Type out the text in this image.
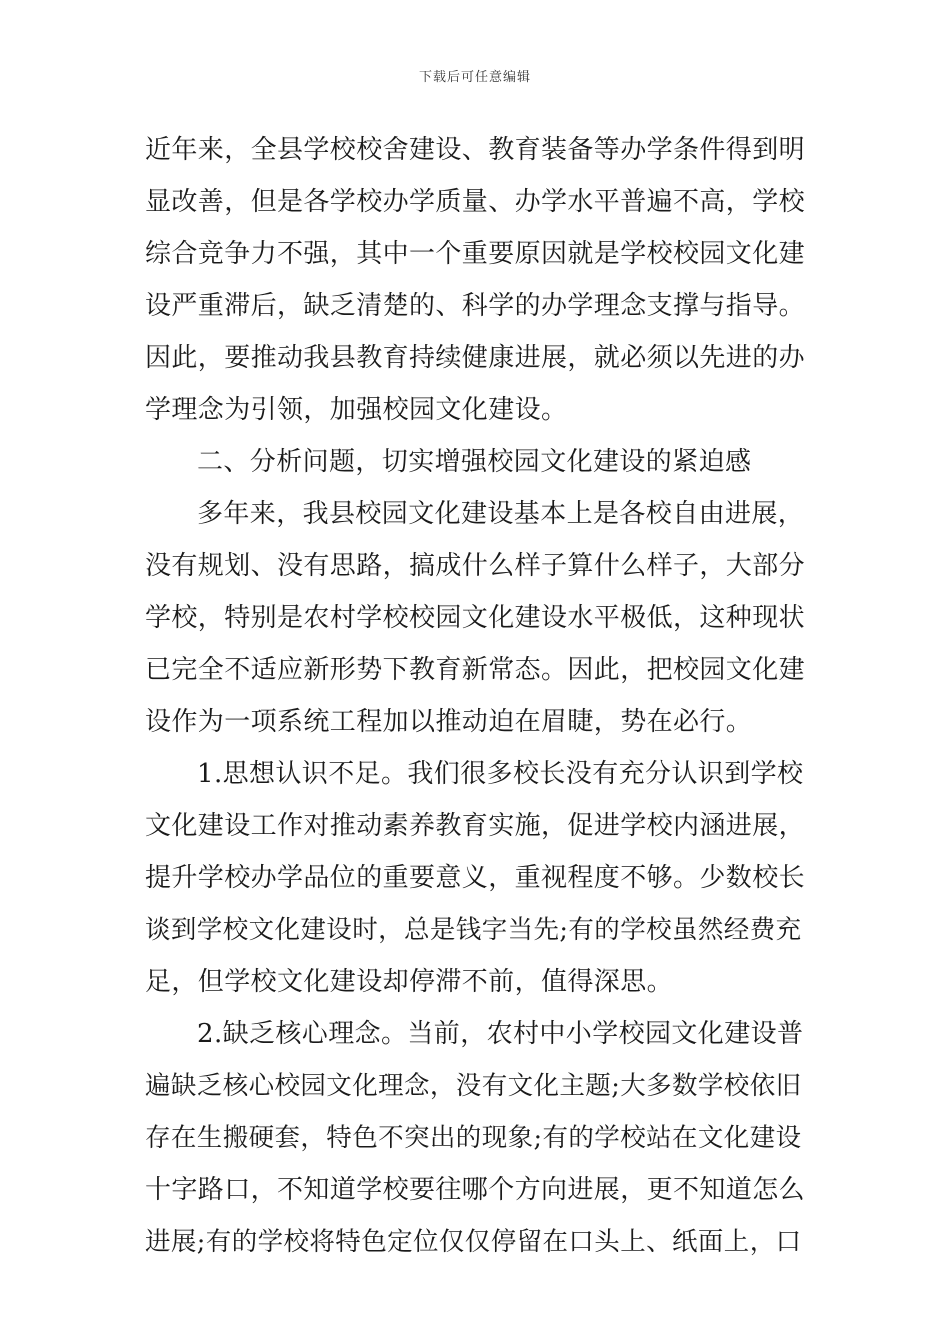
下载后可任意编辑
近年来，全县学校校舍建设、教育装备等办学条件得到明
显改善，但是各学校办学质量、办学水平普遍不高，学校
综合竞争力不强，其中一个重要原因就是学校校园文化建
设严重滞后，缺乏清楚的、科学的办学理念支撑与指导。
因此，要推动我县教育持续健康进展，就必须以先进的办
学理念为引领，加强校园文化建设。
二、分析问题，切实增强校园文化建设的紧迫感
多年来，我县校园文化建设基本上是各校自由进展，
没有规划、没有思路，搞成什么样子算什么样子，大部分
学校，特别是农村学校校园文化建设水平极低，这种现状
已完全不适应新形势下教育新常态。因此，把校园文化建
设作为一项系统工程加以推动迫在眉睫，势在必行。
1.思想认识不足。我们很多校长没有充分认识到学校
文化建设工作对推动素养教育实施，促进学校内涵进展，
提升学校办学品位的重要意义，重视程度不够。少数校长
谈到学校文化建设时，总是钱字当先;有的学校虽然经费充
足，但学校文化建设却停滞不前，值得深思。
2.缺乏核心理念。当前，农村中小学校园文化建设普
遍缺乏核心校园文化理念，没有文化主题;大多数学校依旧
存在生搬硬套，特色不突出的现象;有的学校站在文化建设
十字路口，不知道学校要往哪个方向进展，更不知道怎么
进展;有的学校将特色定位仅仅停留在口头上、纸面上，口
